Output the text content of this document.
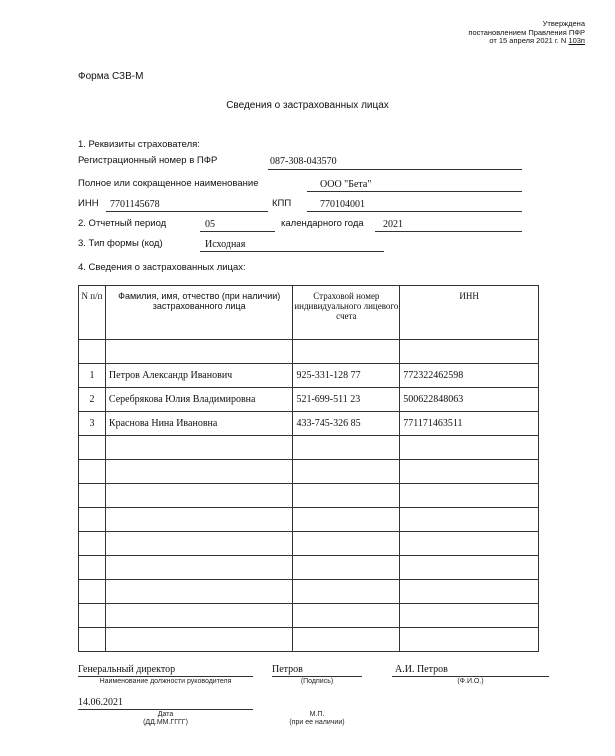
Утверждена
постановлением Правления ПФР
от 15 апреля 2021 г. N 103п
Форма СЗВ-М
Сведения о застрахованных лицах
1. Реквизиты страхователя:
Регистрационный номер в ПФР	087-308-043570
Полное или сокращенное наименование	ООО "Бета"
ИНН 7701145678	КПП	770104001
2. Отчетный период	05	календарного года 2021
3. Тип формы (код)	Исходная
4. Сведения о застрахованных лицах:
N п/п	Фамилия, имя, отчество (при наличии) застрахованного лица	Страховой номер индивидуального лицевого счета	ИНН

1	Петров Александр Иванович	925-331-128 77	772322462598
2	Серебрякова Юлия Владимировна	521-699-511 23	500622848063
3	Краснова Нина Ивановна	433-745-326 85	771171463511

Генеральный директор
Наименование должности руководителя
Петров
(Подпись)
А.И. Петров
(Ф.И.О.)
14.06.2021
Дата
(ДД.ММ.ГГГГ)
М.П.
(при ее наличии)
